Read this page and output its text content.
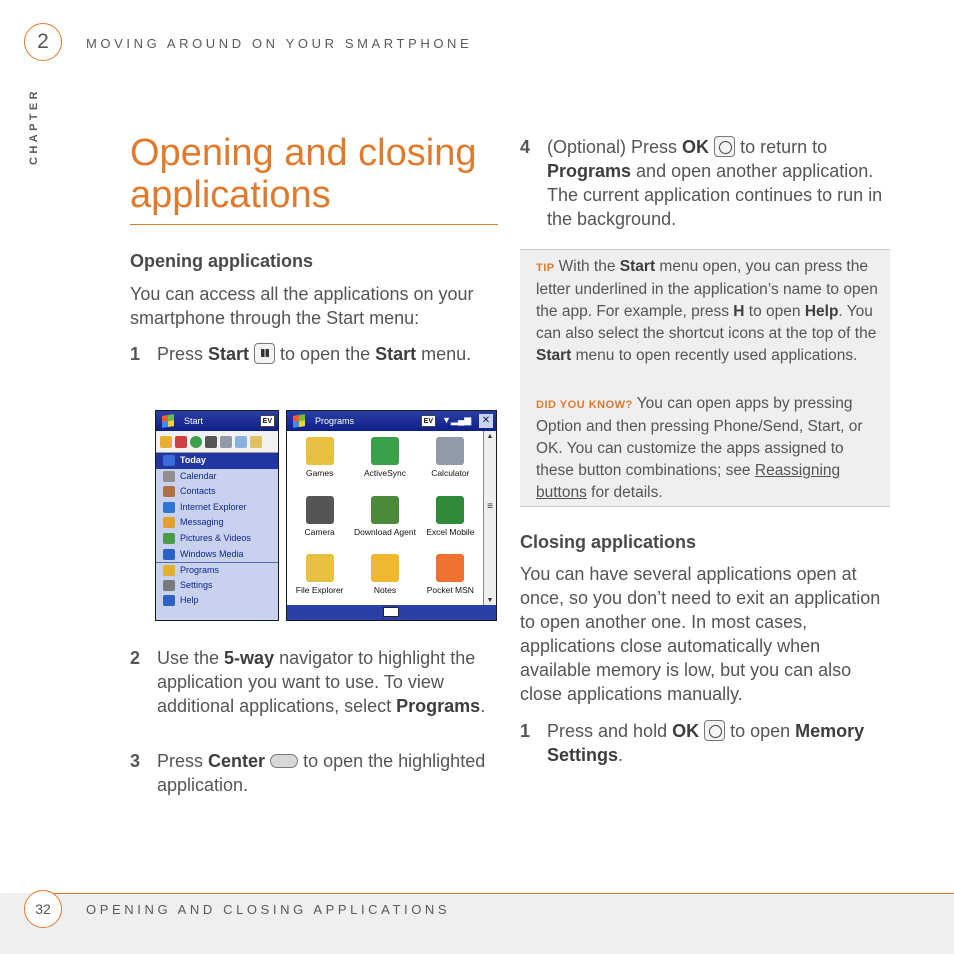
2	MOVING AROUND ON YOUR SMARTPHONE
CHAPTER	Opening and closing applications
Opening applications
You can access all the applications on your smartphone through the Start menu:
1 Press Start  to open the Start menu.
Start	EV
Today
Calendar
Contacts
Internet Explorer
Messaging
Pictures & Videos
Windows Media
Programs
Settings
Help
Programs	EV	▼▂▄▆ ✕
Games	ActiveSync	Calculator
Camera Download Agent Excel Mobile
File Explorer	Notes	Pocket MSN
▲
≡
▼
2 Use the 5-way navigator to highlight the application you want to use. To view additional applications, select Programs.
3 Press Center  to open the highlighted application.
4 (Optional) Press OK  to return to Programs and open another application. The current application continues to run in the background.
TIP With the Start menu open, you can press the letter underlined in the application’s name to open the app. For example, press H to open Help. You can also select the shortcut icons at the top of the Start menu to open recently used applications.
DID YOU KNOW? You can open apps by pressing Option and then pressing Phone/Send, Start, or OK. You can customize the apps assigned to these button combinations; see Reassigning buttons for details.
Closing applications
You can have several applications open at once, so you don’t need to exit an application to open another one. In most cases, applications close automatically when available memory is low, but you can also close applications manually.
1 Press and hold OK  to open Memory Settings.
32	OPENING AND CLOSING APPLICATIONS
